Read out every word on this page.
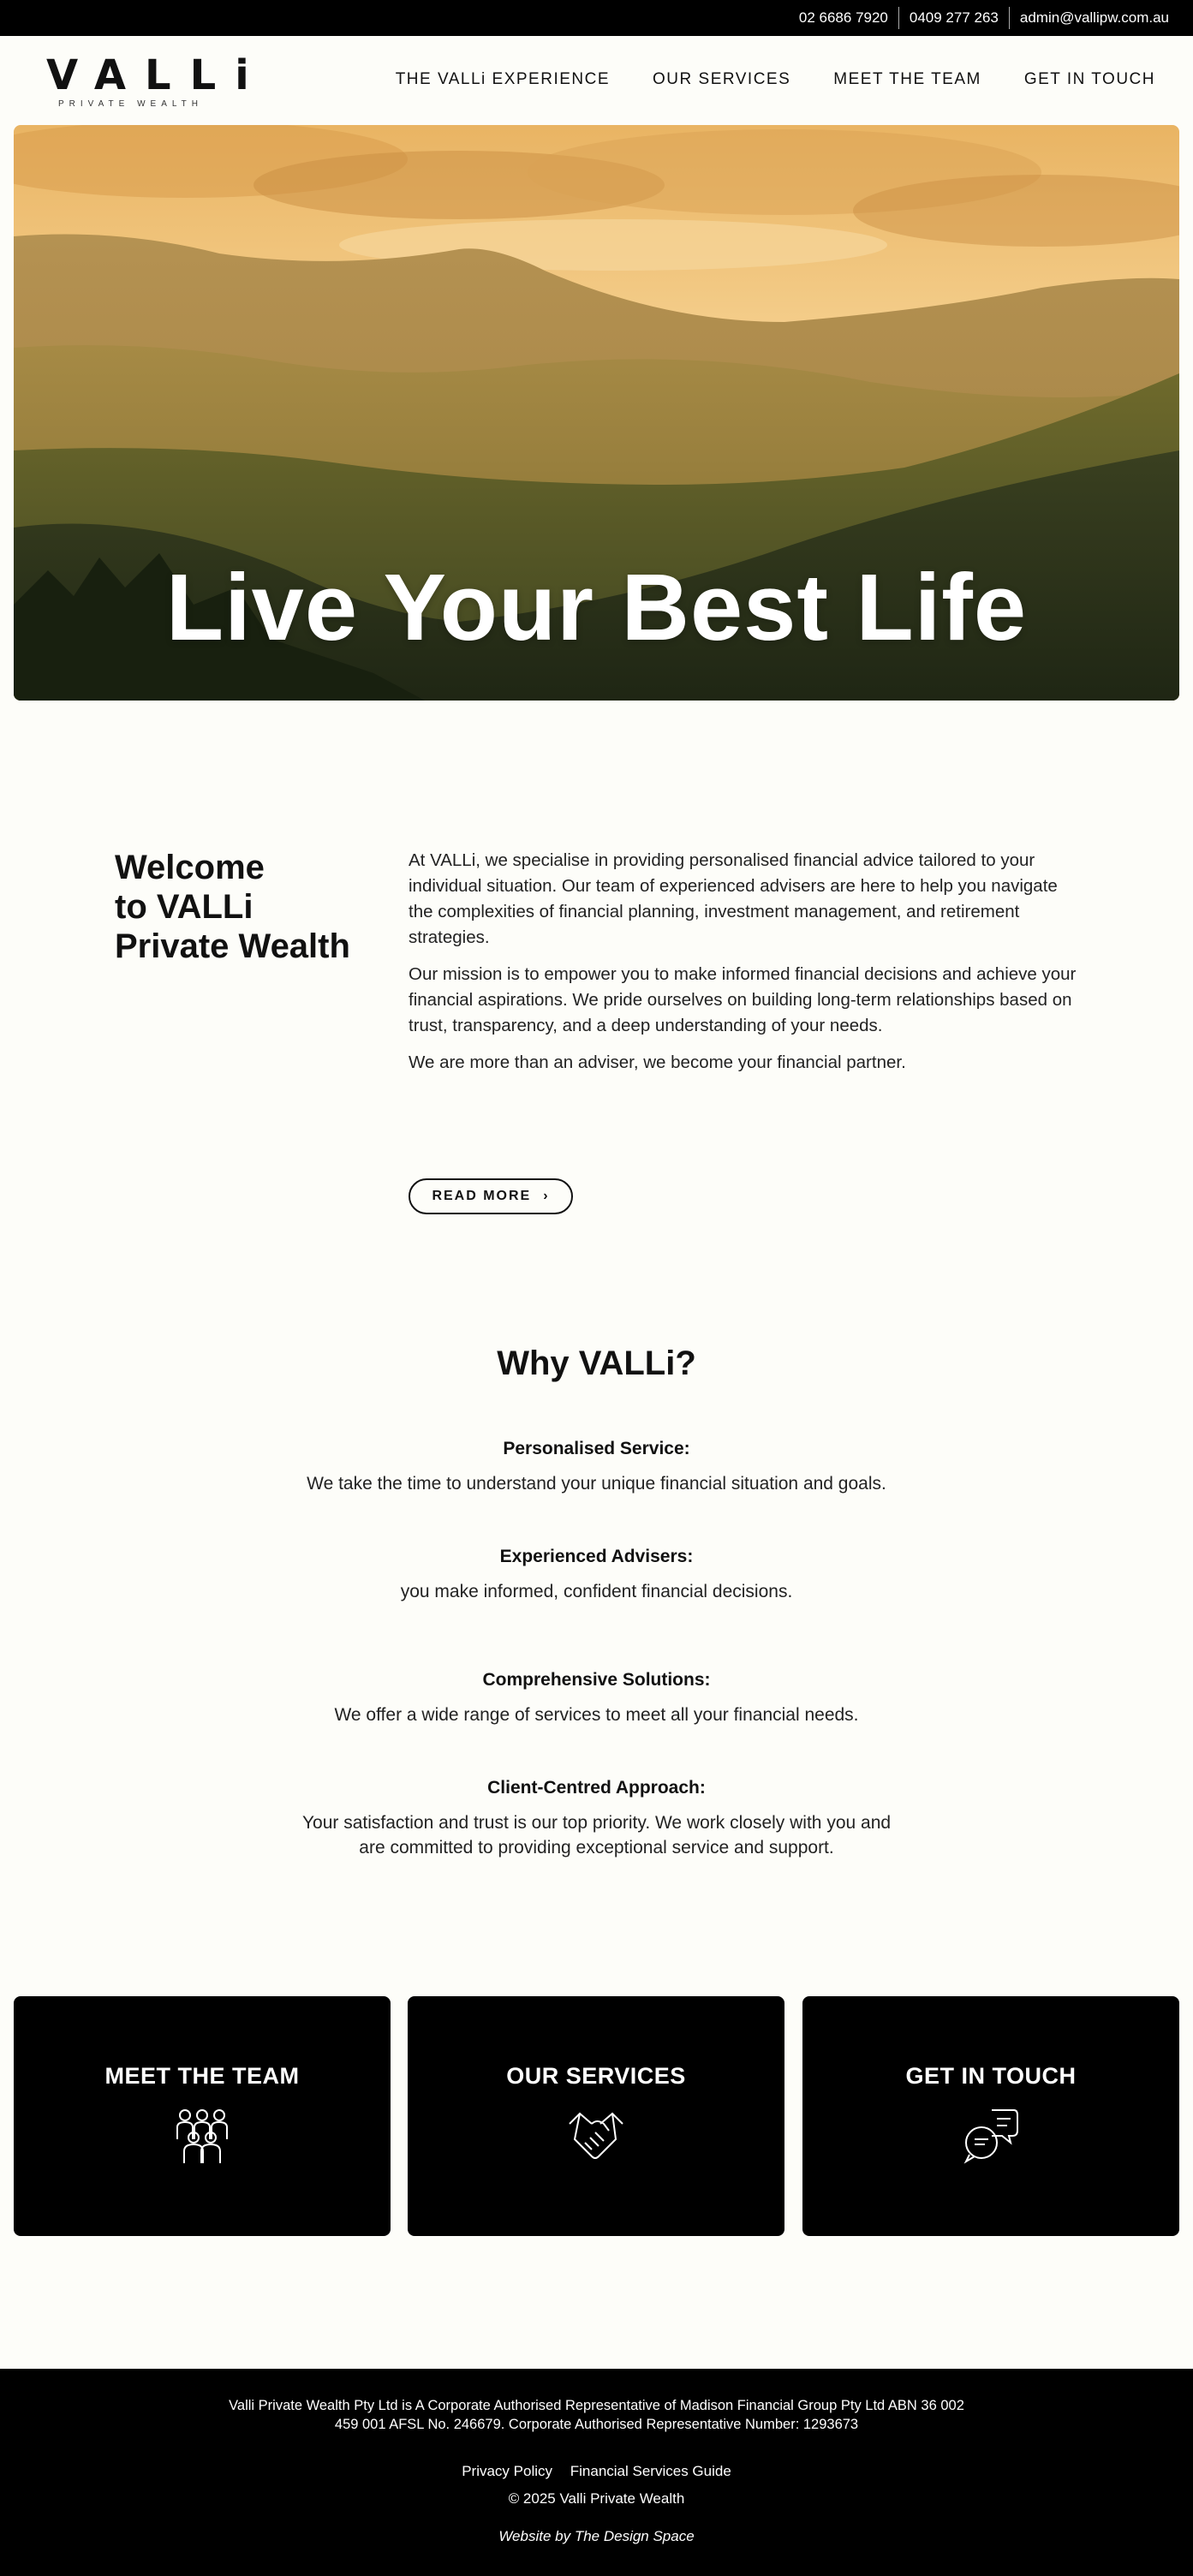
02 6686 7920	0409 277 263	admin@vallipw.com.au
VALLi
PRIVATE WEALTH
THE VALLi EXPERIENCE	OUR SERVICES	MEET THE TEAM	GET IN TOUCH
Live Your Best Life
Welcome
to VALLi
Private Wealth

At VALLi, we specialise in providing personalised financial advice tailored to your individual situation. Our team of experienced advisers are here to help you navigate the complexities of financial planning, investment management, and retirement strategies.

Our mission is to empower you to make informed financial decisions and achieve your financial aspirations. We pride ourselves on building long-term relationships based on trust, transparency, and a deep understanding of your needs.

We are more than an adviser, we become your financial partner.

READ MORE ›
Why VALLi?
Personalised Service:

We take the time to understand your unique financial situation and goals.

Experienced Advisers:

you make informed, confident financial decisions.

Comprehensive Solutions:

We offer a wide range of services to meet all your financial needs.

Client-Centred Approach:

Your satisfaction and trust is our top priority. We work closely with you and are committed to providing exceptional service and support.

MEET THE TEAM	OUR SERVICES	GET IN TOUCH
Valli Private Wealth Pty Ltd is A Corporate Authorised Representative of Madison Financial Group Pty Ltd ABN 36 002 459 001 AFSL No. 246679. Corporate Authorised Representative Number: 1293673
Privacy Policy Financial Services Guide
© 2025 Valli Private Wealth
Website by The Design Space
